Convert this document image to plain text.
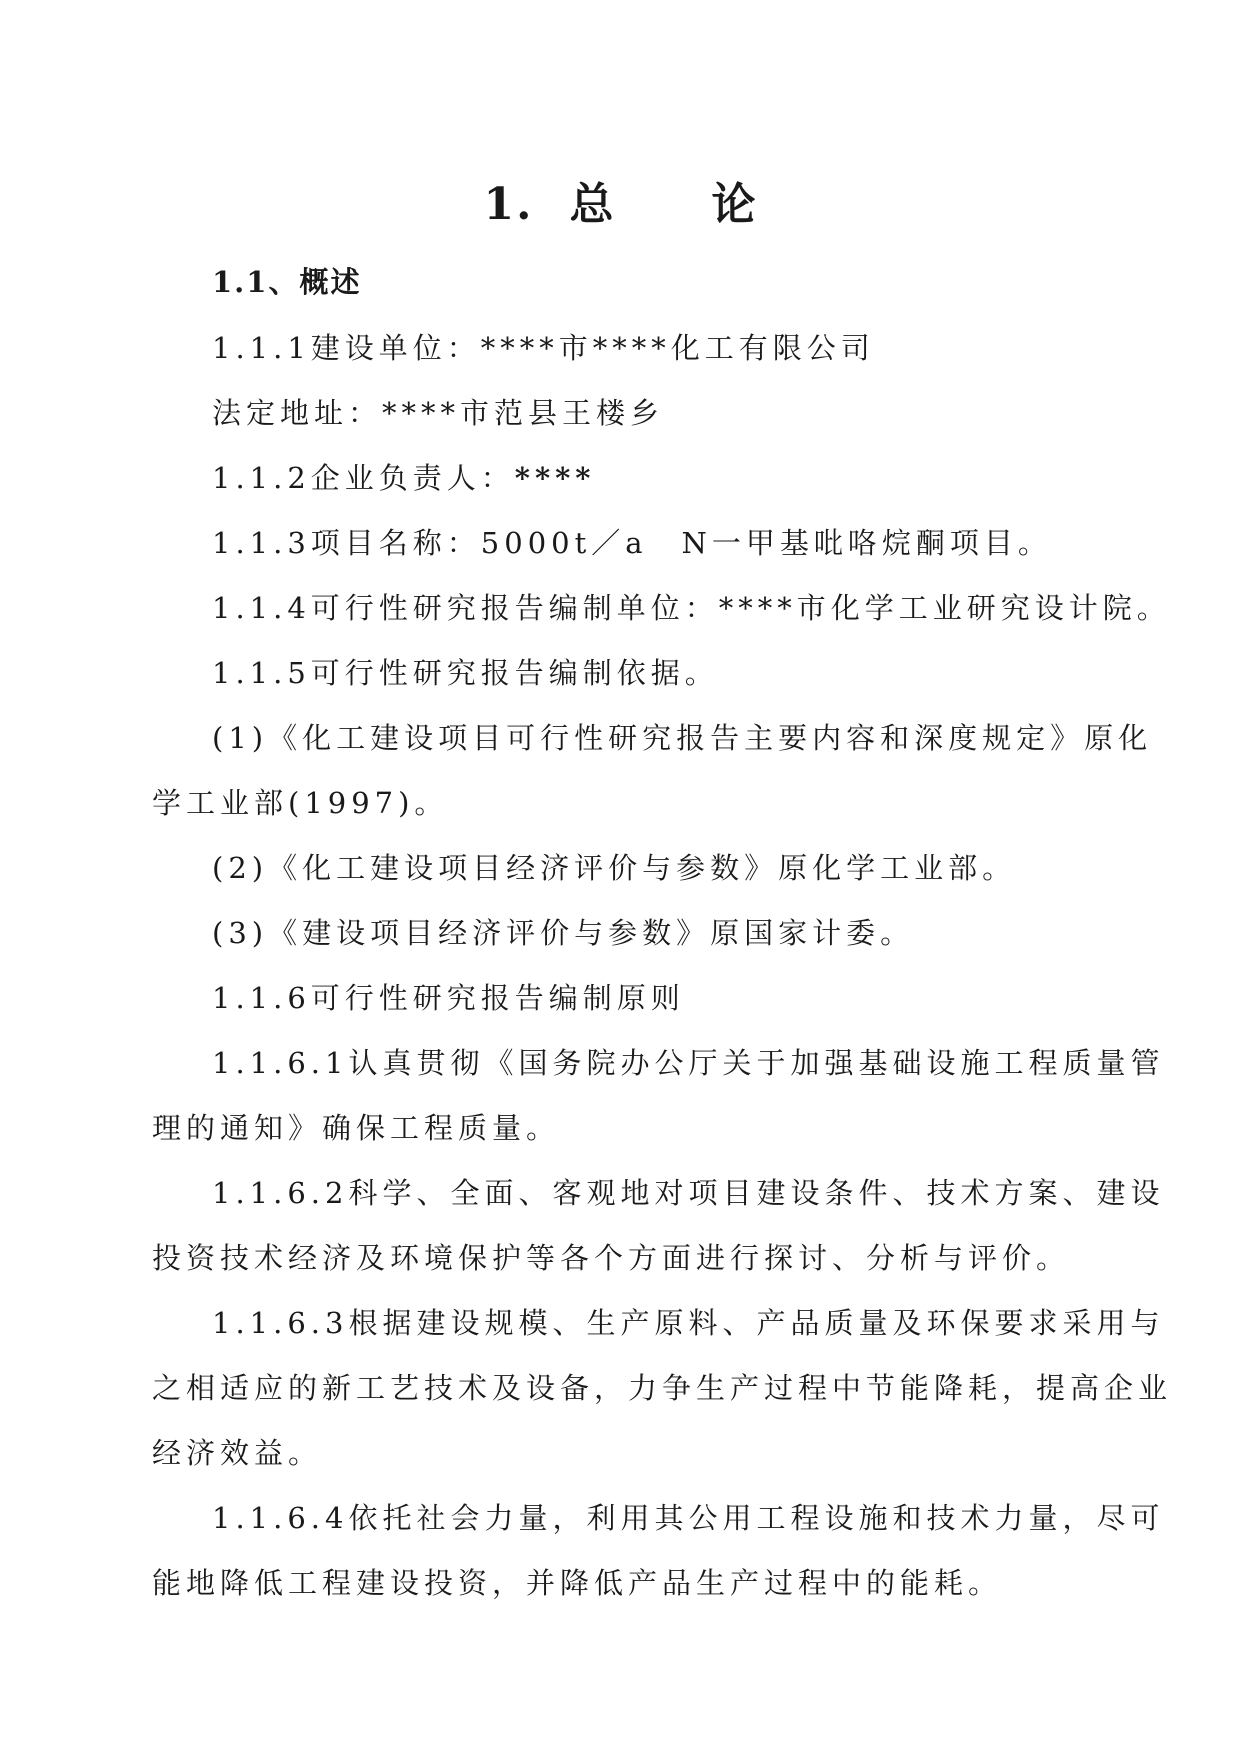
1. 总 论
1.1、概述
1.1.1建设单位：****市****化工有限公司
法定地址：****市范县王楼乡
1.1.2企业负责人：****
1.1.3项目名称：5000t／a　N一甲基吡咯烷酮项目。
1.1.4可行性研究报告编制单位：****市化学工业研究设计院。
1.1.5可行性研究报告编制依据。
(1)《化工建设项目可行性研究报告主要内容和深度规定》原化
学工业部(1997)。
(2)《化工建设项目经济评价与参数》原化学工业部。
(3)《建设项目经济评价与参数》原国家计委。
1.1.6可行性研究报告编制原则
1.1.6.1认真贯彻《国务院办公厅关于加强基础设施工程质量管
理的通知》确保工程质量。
1.1.6.2科学、全面、客观地对项目建设条件、技术方案、建设
投资技术经济及环境保护等各个方面进行探讨、分析与评价。
1.1.6.3根据建设规模、生产原料、产品质量及环保要求采用与
之相适应的新工艺技术及设备，力争生产过程中节能降耗，提高企业
经济效益。
1.1.6.4依托社会力量，利用其公用工程设施和技术力量，尽可
能地降低工程建设投资，并降低产品生产过程中的能耗。
